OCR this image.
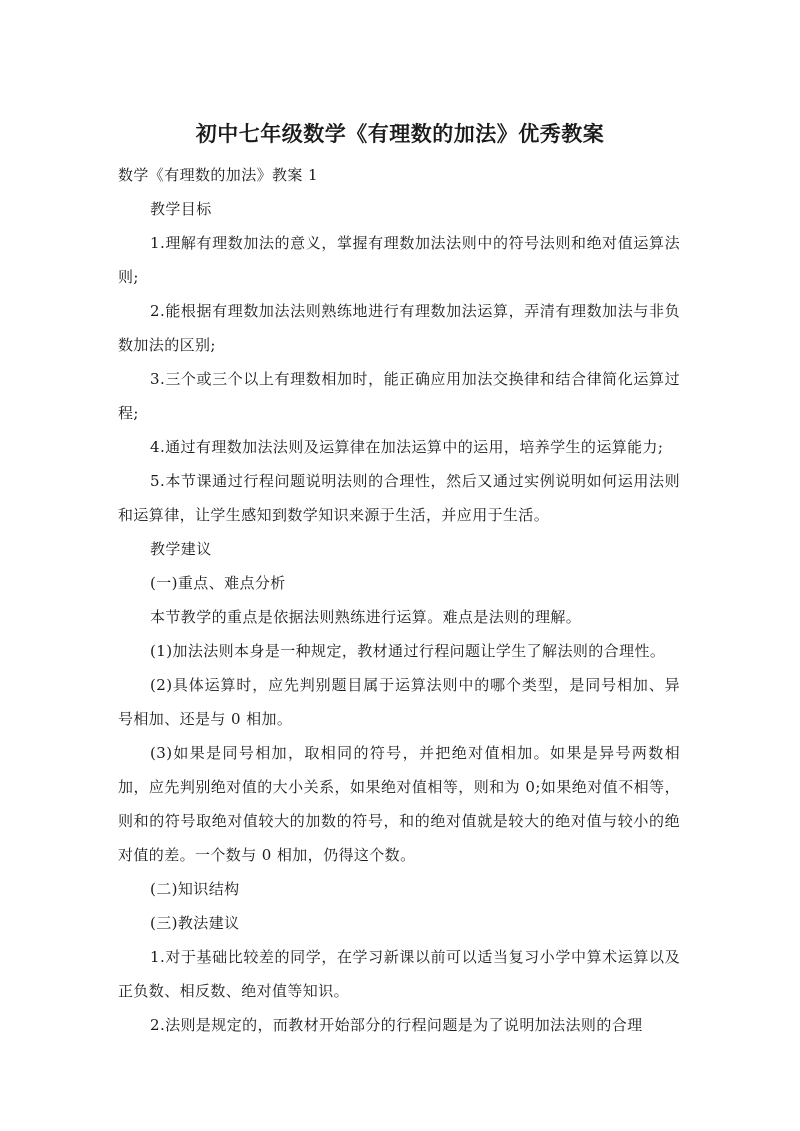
初中七年级数学《有理数的加法》优秀教案

数学《有理数的加法》教案 1

教学目标

1.理解有理数加法的意义，掌握有理数加法法则中的符号法则和绝对值运算法则;

2.能根据有理数加法法则熟练地进行有理数加法运算，弄清有理数加法与非负数加法的区别;

3.三个或三个以上有理数相加时，能正确应用加法交换律和结合律简化运算过程;

4.通过有理数加法法则及运算律在加法运算中的运用，培养学生的运算能力;

5.本节课通过行程问题说明法则的合理性，然后又通过实例说明如何运用法则和运算律，让学生感知到数学知识来源于生活，并应用于生活。

教学建议

(一)重点、难点分析

本节教学的重点是依据法则熟练进行运算。难点是法则的理解。

(1)加法法则本身是一种规定，教材通过行程问题让学生了解法则的合理性。

(2)具体运算时，应先判别题目属于运算法则中的哪个类型，是同号相加、异号相加、还是与 0 相加。

(3)如果是同号相加，取相同的符号，并把绝对值相加。如果是异号两数相加，应先判别绝对值的大小关系，如果绝对值相等，则和为 0;如果绝对值不相等，则和的符号取绝对值较大的加数的符号，和的绝对值就是较大的绝对值与较小的绝对值的差。一个数与 0 相加，仍得这个数。

(二)知识结构

(三)教法建议

1.对于基础比较差的同学，在学习新课以前可以适当复习小学中算术运算以及正负数、相反数、绝对值等知识。

2.法则是规定的，而教材开始部分的行程问题是为了说明加法法则的合理
